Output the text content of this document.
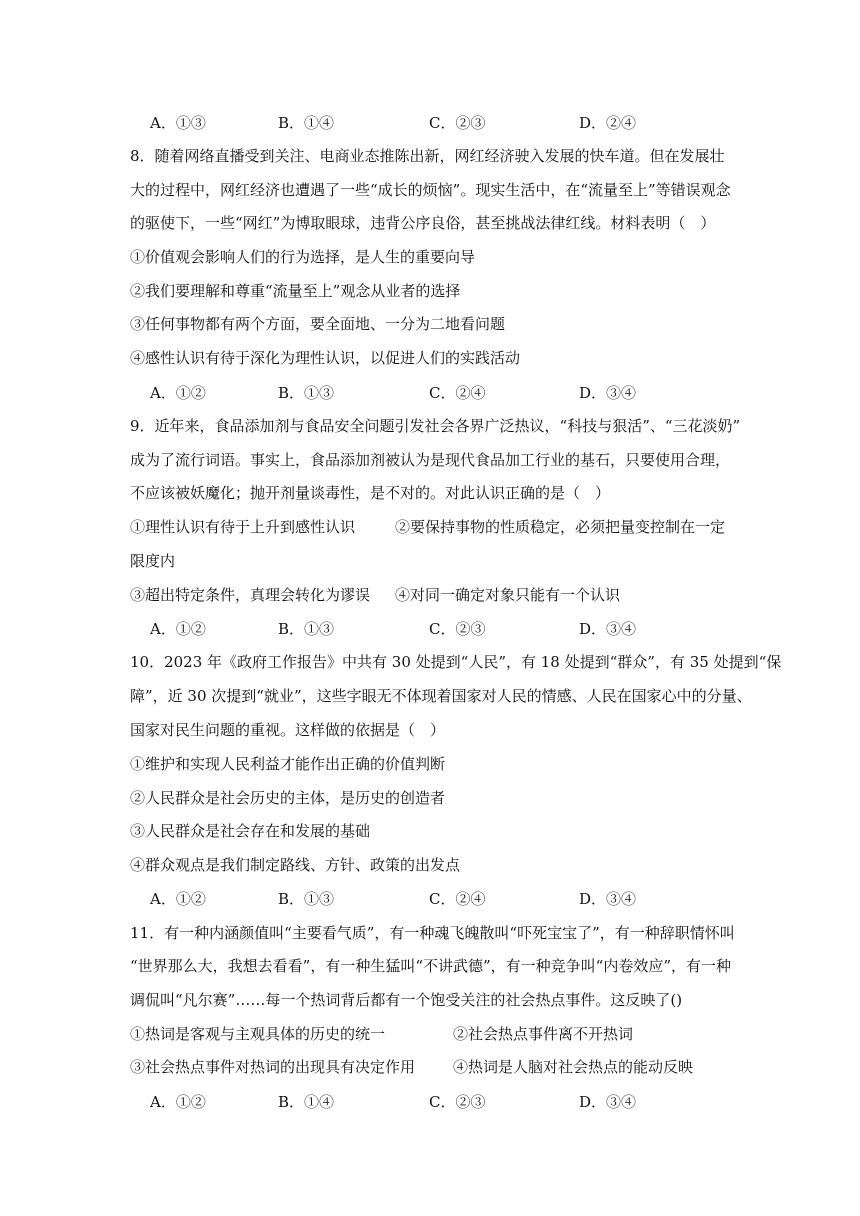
A．①③	B．①④	C．②③	D．②④
8．随着网络直播受到关注、电商业态推陈出新，网红经济驶入发展的快车道。但在发展壮
大的过程中，网红经济也遭遇了一些“成长的烦恼”。现实生活中，在“流量至上”等错误观念
的驱使下，一些“网红”为博取眼球，违背公序良俗，甚至挑战法律红线。材料表明（　）
①价值观会影响人们的行为选择，是人生的重要向导
②我们要理解和尊重“流量至上”观念从业者的选择
③任何事物都有两个方面，要全面地、一分为二地看问题
④感性认识有待于深化为理性认识，以促进人们的实践活动
A．①②	B．①③	C．②④	D．③④
9．近年来，食品添加剂与食品安全问题引发社会各界广泛热议，“科技与狠活”、“三花淡奶”
成为了流行词语。事实上，食品添加剂被认为是现代食品加工行业的基石，只要使用合理，
不应该被妖魔化；抛开剂量谈毒性，是不对的。对此认识正确的是（　）
①理性认识有待于上升到感性认识	②要保持事物的性质稳定，必须把量变控制在一定
限度内
③超出特定条件，真理会转化为谬误 ④对同一确定对象只能有一个认识
A．①②	B．①③	C．②③	D．③④
10．2023 年《政府工作报告》中共有 30 处提到“人民”，有 18 处提到“群众”，有 35 处提到“保
障”，近 30 次提到“就业”，这些字眼无不体现着国家对人民的情感、人民在国家心中的分量、
国家对民生问题的重视。这样做的依据是（　）
①维护和实现人民利益才能作出正确的价值判断
②人民群众是社会历史的主体，是历史的创造者
③人民群众是社会存在和发展的基础
④群众观点是我们制定路线、方针、政策的出发点
A．①②	B．①③	C．②④	D．③④
11．有一种内涵颜值叫“主要看气质”，有一种魂飞魄散叫“吓死宝宝了”，有一种辞职情怀叫
“世界那么大，我想去看看”，有一种生猛叫“不讲武德”，有一种竞争叫“内卷效应”，有一种
调侃叫“凡尔赛”……每一个热词背后都有一个饱受关注的社会热点事件。这反映了()
①热词是客观与主观具体的历史的统一	②社会热点事件离不开热词
③社会热点事件对热词的出现具有决定作用	④热词是人脑对社会热点的能动反映
A．①②	B．①④	C．②③	D．③④
